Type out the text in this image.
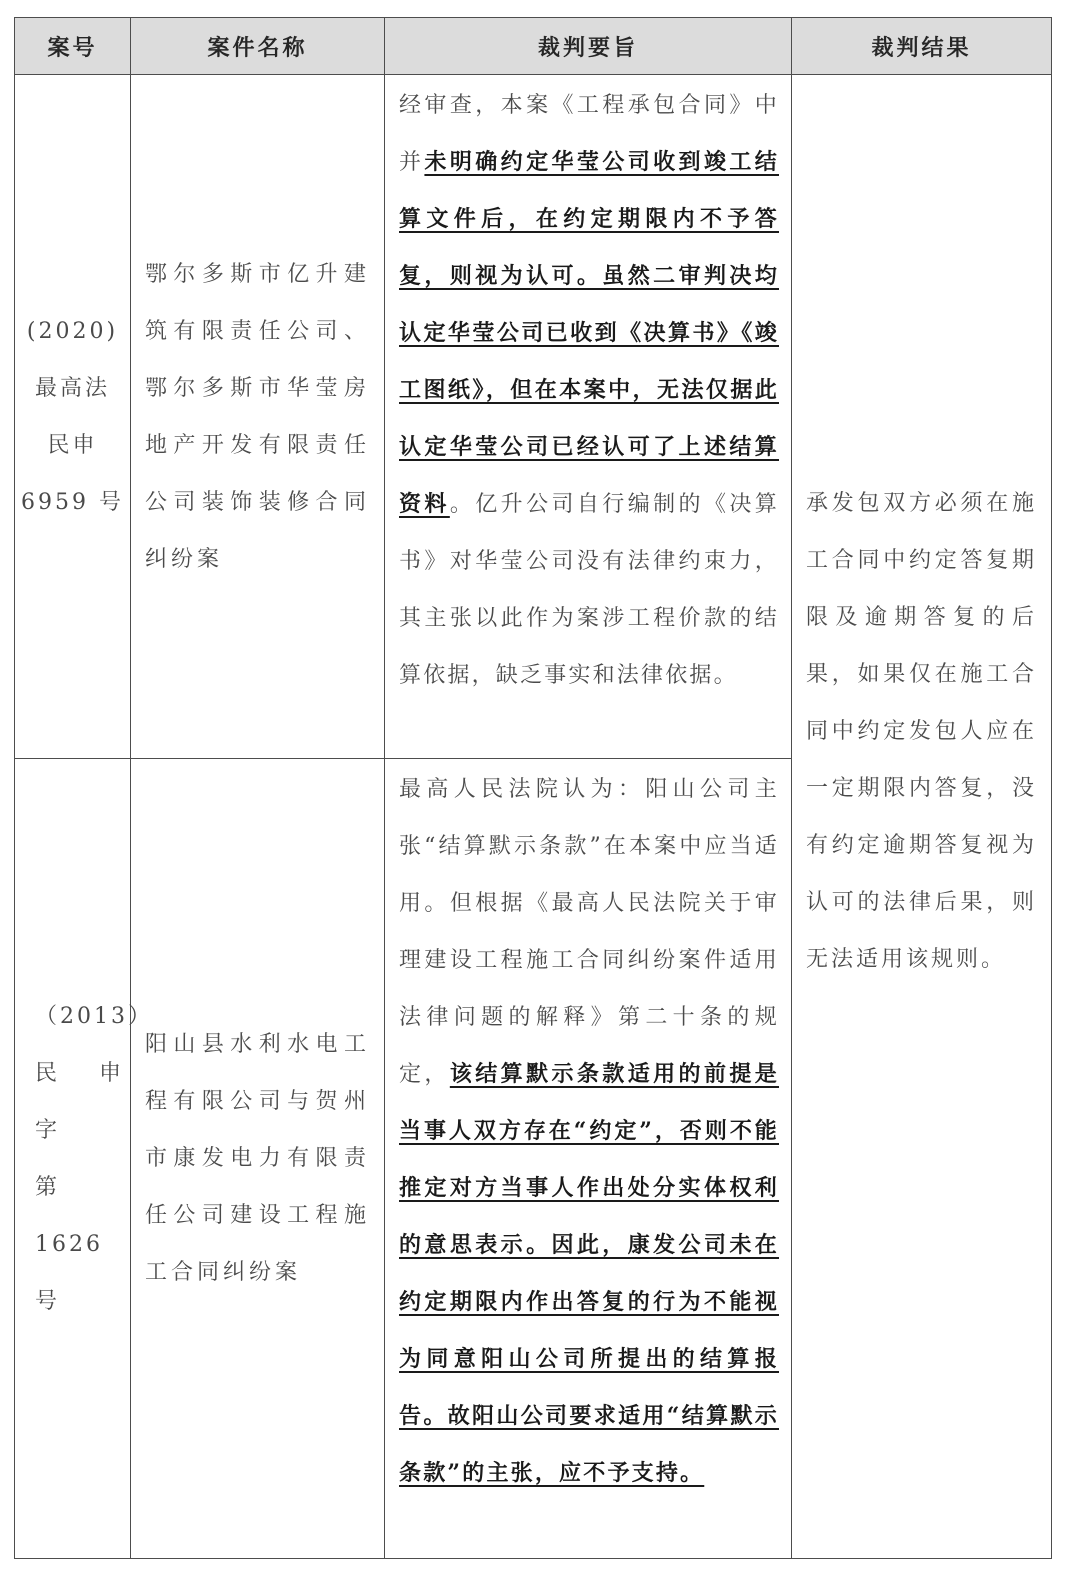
案号	案件名称	裁判要旨	裁判结果

(2020)
最高法
民申
6959 号	鄂尔多斯市亿升建筑有限责任公司、鄂尔多斯市华莹房地产开发有限责任公司装饰装修合同纠纷案	经审查，本案《工程承包合同》中并未明确约定华莹公司收到竣工结算文件后，在约定期限内不予答复，则视为认可。虽然二审判决均认定华莹公司已收到《决算书》《竣工图纸》，但在本案中，无法仅据此认定华莹公司已经认可了上述结算资料。亿升公司自行编制的《决算书》对华莹公司没有法律约束力，其主张以此作为案涉工程价款的结算依据，缺乏事实和法律依据。	承发包双方必须在施工合同中约定答复期限及逾期答复的后果，如果仅在施工合同中约定发包人应在一定期限内答复，没有约定逾期答复视为认可的法律后果，则无法适用该规则。

（2013）
民 申 字
第 1626
号	阳山县水利水电工程有限公司与贺州市康发电力有限责任公司建设工程施工合同纠纷案	最高人民法院认为：阳山公司主张“结算默示条款”在本案中应当适用。但根据《最高人民法院关于审理建设工程施工合同纠纷案件适用法律问题的解释》第二十条的规定，该结算默示条款适用的前提是当事人双方存在“约定”，否则不能推定对方当事人作出处分实体权利的意思表示。因此，康发公司未在约定期限内作出答复的行为不能视为同意阳山公司所提出的结算报告。故阳山公司要求适用“结算默示条款”的主张，应不予支持。	
